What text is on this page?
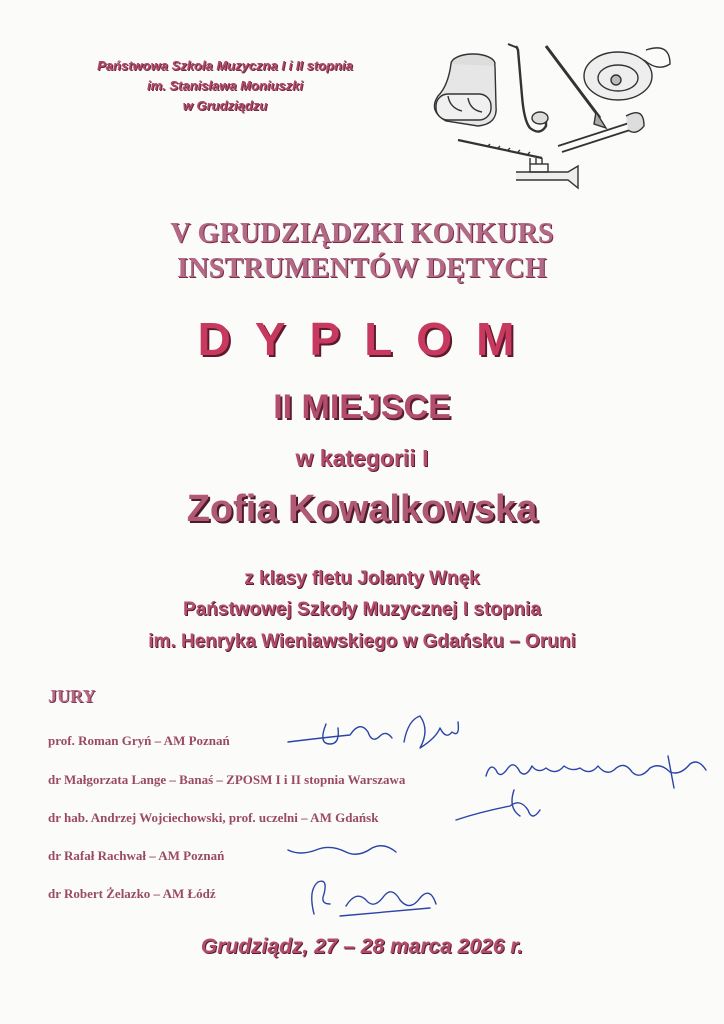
Państwowa Szkoła Muzyczna I i II stopnia
im. Stanisława Moniuszki
w Grudziądzu
V GRUDZIĄDZKI KONKURS
INSTRUMENTÓW DĘTYCH
DYPLOM
II MIEJSCE
w kategorii I
Zofia Kowalkowska
z klasy fletu Jolanty Wnęk
Państwowej Szkoły Muzycznej I stopnia
im. Henryka Wieniawskiego w Gdańsku – Oruni
JURY
prof. Roman Gryń – AM Poznań
dr Małgorzata Lange – Banaś – ZPOSM I i II stopnia Warszawa
dr hab. Andrzej Wojciechowski, prof. uczelni – AM Gdańsk
dr Rafał Rachwał – AM Poznań
dr Robert Żelazko – AM Łódź
Grudziądz, 27 – 28 marca 2026 r.
